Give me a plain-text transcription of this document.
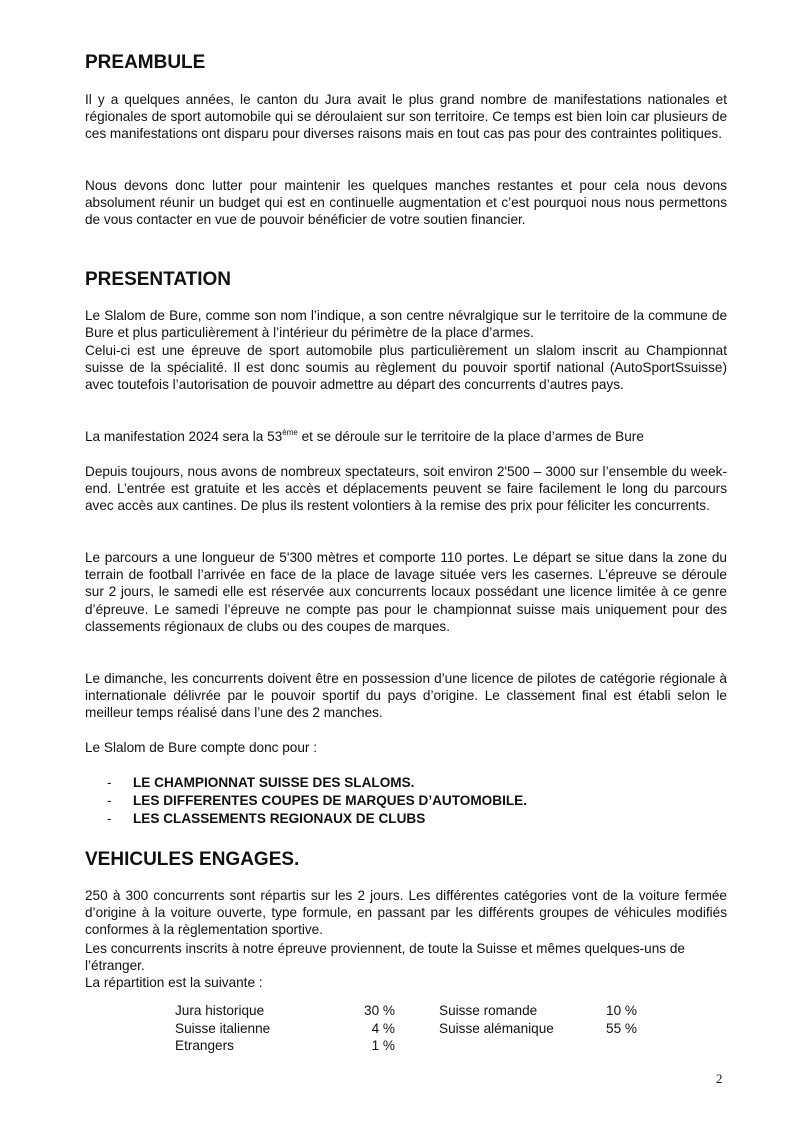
PREAMBULE

Il y a quelques années, le canton du Jura avait le plus grand nombre de manifestations nationales et régionales de sport automobile qui se déroulaient sur son territoire. Ce temps est bien loin car plusieurs de ces manifestations ont disparu pour diverses raisons mais en tout cas pas pour des contraintes politiques.

Nous devons donc lutter pour maintenir les quelques manches restantes et pour cela nous devons absolument réunir un budget qui est en continuelle augmentation et c’est pourquoi nous nous permettons de vous contacter en vue de pouvoir bénéficier de votre soutien financier.

PRESENTATION

Le Slalom de Bure, comme son nom l’indique, a son centre névralgique sur le territoire de la commune de Bure et plus particulièrement à l’intérieur du périmètre de la place d’armes.

Celui-ci est une épreuve de sport automobile plus particulièrement un slalom inscrit au Championnat suisse de la spécialité. Il est donc soumis au règlement du pouvoir sportif national (AutoSportSsuisse) avec toutefois l’autorisation de pouvoir admettre au départ des concurrents d’autres pays.

La manifestation 2024 sera la 53ème et se déroule sur le territoire de la place d’armes de Bure

Depuis toujours, nous avons de nombreux spectateurs, soit environ 2'500 – 3000 sur l’ensemble du week-end. L’entrée est gratuite et les accès et déplacements peuvent se faire facilement le long du parcours avec accès aux cantines. De plus ils restent volontiers à la remise des prix pour féliciter les concurrents.

Le parcours a une longueur de 5'300 mètres et comporte 110 portes. Le départ se situe dans la zone du terrain de football l’arrivée en face de la place de lavage située vers les casernes. L’épreuve se déroule sur 2 jours, le samedi elle est réservée aux concurrents locaux possédant une licence limitée à ce genre d’épreuve. Le samedi l’épreuve ne compte pas pour le championnat suisse mais uniquement pour des classements régionaux de clubs ou des coupes de marques.

Le dimanche, les concurrents doivent être en possession d’une licence de pilotes de catégorie régionale à internationale délivrée par le pouvoir sportif du pays d’origine. Le classement final est établi selon le meilleur temps réalisé dans l’une des 2 manches.

Le Slalom de Bure compte donc pour :

- LE CHAMPIONNAT SUISSE DES SLALOMS.
- LES DIFFERENTES COUPES DE MARQUES D’AUTOMOBILE.
- LES CLASSEMENTS REGIONAUX DE CLUBS
VEHICULES ENGAGES.

250 à 300 concurrents sont répartis sur les 2 jours. Les différentes catégories vont de la voiture fermée d’origine à la voiture ouverte, type formule, en passant par les différents groupes de véhicules modifiés conformes à la règlementation sportive.

Les concurrents inscrits à notre épreuve proviennent, de toute la Suisse et mêmes quelques-uns de l’étranger.

La répartition est la suivante :

Jura historique	30 %		Suisse romande	10 %
Suisse italienne	4 %		Suisse alémanique	55 %
Etrangers	1 %			
2
